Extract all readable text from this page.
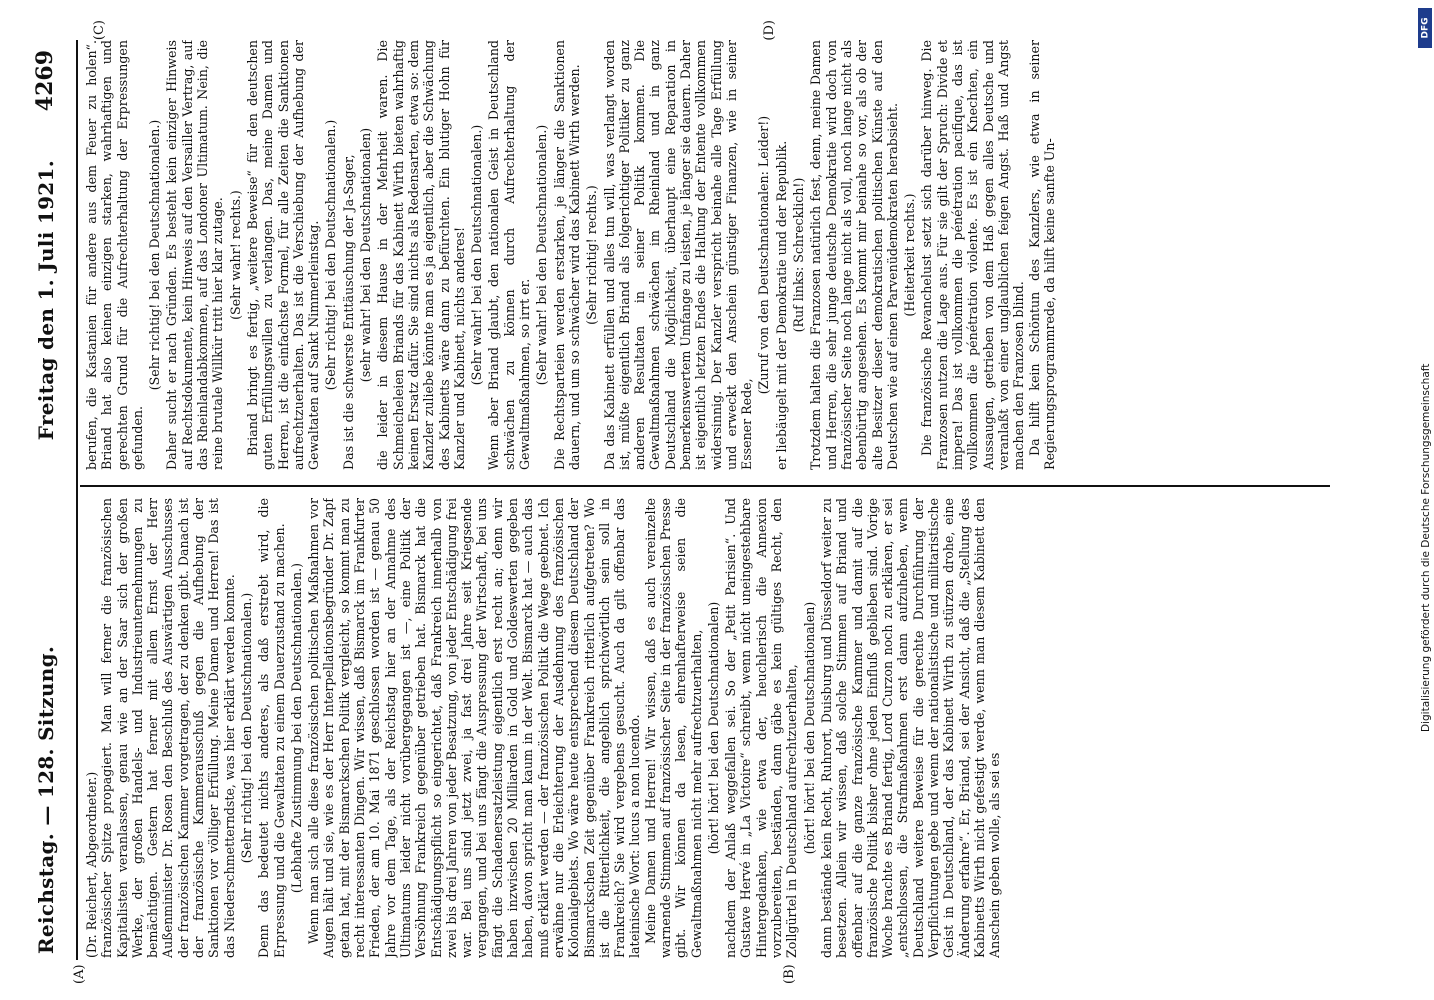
Reichstag. — 128. Sitzung.
Freitag den 1. Juli 1921.
4269
(A)	(B)
(C)	(D)

(Dr. Reichert, Abgeordneter.) französischer Spitze propagiert. Man will ferner die französischen Kapitalisten veranlassen, genau wie an der Saar sich der großen Werke, der großen Handels- und Industrieunternehmungen zu bemächtigen. Gestern hat ferner mit allem Ernst der Herr Außenminister Dr. Rosen den Beschluß des Auswärtigen Ausschusses der französischen Kammer vorgetragen, der zu denken gibt. Danach ist der französische Kammerausschuß gegen die Aufhebung der Sanktionen vor völliger Erfüllung. Meine Damen und Herren! Das ist das Niederschmetterndste, was hier erklärt werden konnte. (Sehr richtig! bei den Deutschnationalen.) Denn das bedeutet nichts anderes, als daß erstrebt wird, die Erpressung und die Gewaltaten zu einem Dauerzustand zu machen. (Lebhafte Zustimmung bei den Deutschnationalen.) Wenn man sich alle diese französischen politischen Maßnahmen vor Augen hält und sie, wie es der Herr Interpellationsbegründer Dr. Zapf getan hat, mit der Bismarckschen Politik vergleicht, so kommt man zu recht interessanten Dingen. Wir wissen, daß Bismarck im Frankfurter Frieden, der am 10. Mai 1871 geschlossen worden ist — genau 50 Jahre vor dem Tage, als der Reichstag hier an der Annahme des Ultimatums leider nicht vorübergegangen ist —, eine Politik der Versöhnung Frankreich gegenüber getrieben hat. Bismarck hat die Entschädigungspflicht so eingerichtet, daß Frankreich innerhalb von zwei bis drei Jahren von jeder Besatzung, von jeder Entschädigung frei war. Bei uns sind jetzt zwei, ja fast drei Jahre seit Kriegsende vergangen, und bei uns fängt die Auspressung der Wirtschaft, bei uns fängt die Schadenersatzleistung eigentlich erst recht an; denn wir haben inzwischen 20 Milliarden in Gold und Goldeswerten gegeben haben, davon spricht man kaum in der Welt. Bismarck hat — auch das muß erklärt werden — der französischen Politik die Wege geebnet. Ich erwähne nur die Erleichterung der Ausdehnung des französischen Kolonialgebiets. Wo wäre heute entsprechend diesem Deutschland der Bismarckschen Zeit gegenüber Frankreich ritterlich aufgetreten? Wo ist die Ritterlichkeit, die angeblich sprichwörtlich sein soll in Frankreich? Sie wird vergebens gesucht. Auch da gilt offenbar das lateinische Wort: lucus a non lucendo. Meine Damen und Herren! Wir wissen, daß es auch vereinzelte warnende Stimmen auf französischer Seite in der französischen Presse gibt. Wir können da lesen, ehrenhafterweise seien die Gewaltmaßnahmen nicht mehr aufrechtzuerhalten, (hört! hört! bei den Deutschnationalen) nachdem der Anlaß weggefallen sei. So der „Petit Parisien“. Und Gustave Hervé in „La Victoire“ schreibt, wenn nicht uneingestehbare Hintergedanken, wie etwa der, heuchlerisch die Annexion vorzubereiten, beständen, dann gäbe es kein gültiges Recht, den Zollgürtel in Deutschland aufrechtzuerhalten, (hört! hört! bei den Deutschnationalen) dann bestände kein Recht, Ruhrort, Duisburg und Düsseldorf weiter zu besetzen. Allein wir wissen, daß solche Stimmen auf Briand und offenbar auf die ganze französische Kammer und damit auf die französische Politik bisher ohne jeden Einfluß geblieben sind. Vorige Woche brachte es Briand fertig, Lord Curzon noch zu erklären, er sei „entschlossen, die Strafmaßnahmen erst dann aufzuheben, wenn Deutschland weitere Beweise für die gerechte Durchführung der Verpflichtungen gebe und wenn der nationalistische und militaristische Geist in Deutschland, der das Kabinett Wirth zu stürzen drohe, eine Änderung erfahre“. Er, Briand, sei der Ansicht, daß die „Stellung des Kabinetts Wirth nicht gefestigt werde, wenn man diesem Kabinett den Anschein geben wolle, als sei es

berufen, die Kastanien für andere aus dem Feuer zu holen“. Briand hat also keinen einzigen starken, wahrhaftigen und gerechten Grund für die Aufrechterhaltung der Erpressungen gefunden.

(Sehr richtig! bei den Deutschnationalen.) Daher sucht er nach Gründen. Es besteht kein einziger Hinweis auf Rechtsdokumente, kein Hinweis auf den Versailler Vertrag, auf das Rheinlandabkommen, auf das Londoner Ultimatum. Nein, die reine brutale Willkür tritt hier klar zutage. (Sehr wahr! rechts.) Briand bringt es fertig, „weitere Beweise“ für den deutschen guten Erfüllungswillen zu verlangen. Das, meine Damen und Herren, ist die einfachste Formel, für alle Zeiten die Sanktionen aufrechtzuerhalten. Das ist die Verschiebung der Aufhebung der Gewaltaten auf Sankt Nimmerleinstag. (Sehr richtig! bei den Deutschnationalen.) Das ist die schwerste Enttäuschung der Ja-Sager, (sehr wahr! bei den Deutschnationalen) die leider in diesem Hause in der Mehrheit waren. Die Schmeicheleien Briands für das Kabinett Wirth bieten wahrhaftig keinen Ersatz dafür. Sie sind nichts als Redensarten, etwa so: dem Kanzler zuliebe könnte man es ja eigentlich, aber die Schwächung des Kabinetts wäre dann zu befürchten. Ein blutiger Hohn für Kanzler und Kabinett, nichts anderes! (Sehr wahr! bei den Deutschnationalen.) Wenn aber Briand glaubt, den nationalen Geist in Deutschland schwächen zu können durch Aufrechterhaltung der Gewaltmaßnahmen, so irrt er. (Sehr wahr! bei den Deutschnationalen.) Die Rechtsparteien werden erstarken, je länger die Sanktionen dauern, und um so schwächer wird das Kabinett Wirth werden. (Sehr richtig! rechts.) Da das Kabinett erfüllen und alles tun will, was verlangt worden ist, müßte eigentlich Briand als folgerichtiger Politiker zu ganz anderen Resultaten in seiner Politik kommen. Die Gewaltmaßnahmen schwächen im Rheinland und in ganz Deutschland die Möglichkeit, überhaupt eine Reparation in bemerkenswertem Umfange zu leisten, je länger sie dauern. Daher ist eigentlich letzten Endes die Haltung der Entente vollkommen widersinnig. Der Kanzler verspricht beinahe alle Tage Erfüllung und erweckt den Anschein günstiger Finanzen, wie in seiner Essener Rede,

(Zuruf von den Deutschnationalen: Leider!) er liebäugelt mit der Demokratie und der Republik. (Ruf links: Schrecklich!) Trotzdem halten die Franzosen natürlich fest, denn, meine Damen und Herren, die sehr junge deutsche Demokratie wird doch von französischer Seite noch lange nicht als voll, noch lange nicht als ebenbürtig angesehen. Es kommt mir beinahe so vor, als ob der alte Besitzer dieser demokratischen politischen Künste auf den Deutschen wie auf einen Parvenüdemokraten herabsieht. (Heiterkeit rechts.) Die französische Revanchelust setzt sich darüber hinweg. Die Franzosen nutzen die Lage aus. Für sie gilt der Spruch: Divide et impera! Das ist vollkommen die pénétration pacifique, das ist vollkommen die pénétration violente. Es ist ein Knechten, ein Aussaugen, getrieben von dem Haß gegen alles Deutsche und veranlaßt von einer unglaublichen feigen Angst. Haß und Angst machen den Franzosen blind. Da hilft kein Schöntun des Kanzlers, wie etwa in seiner Regierungsprogrammrede, da hilft keine sanfte Un-

DFG
Digitalisierung gefördert durch die Deutsche Forschungsgemeinschaft
